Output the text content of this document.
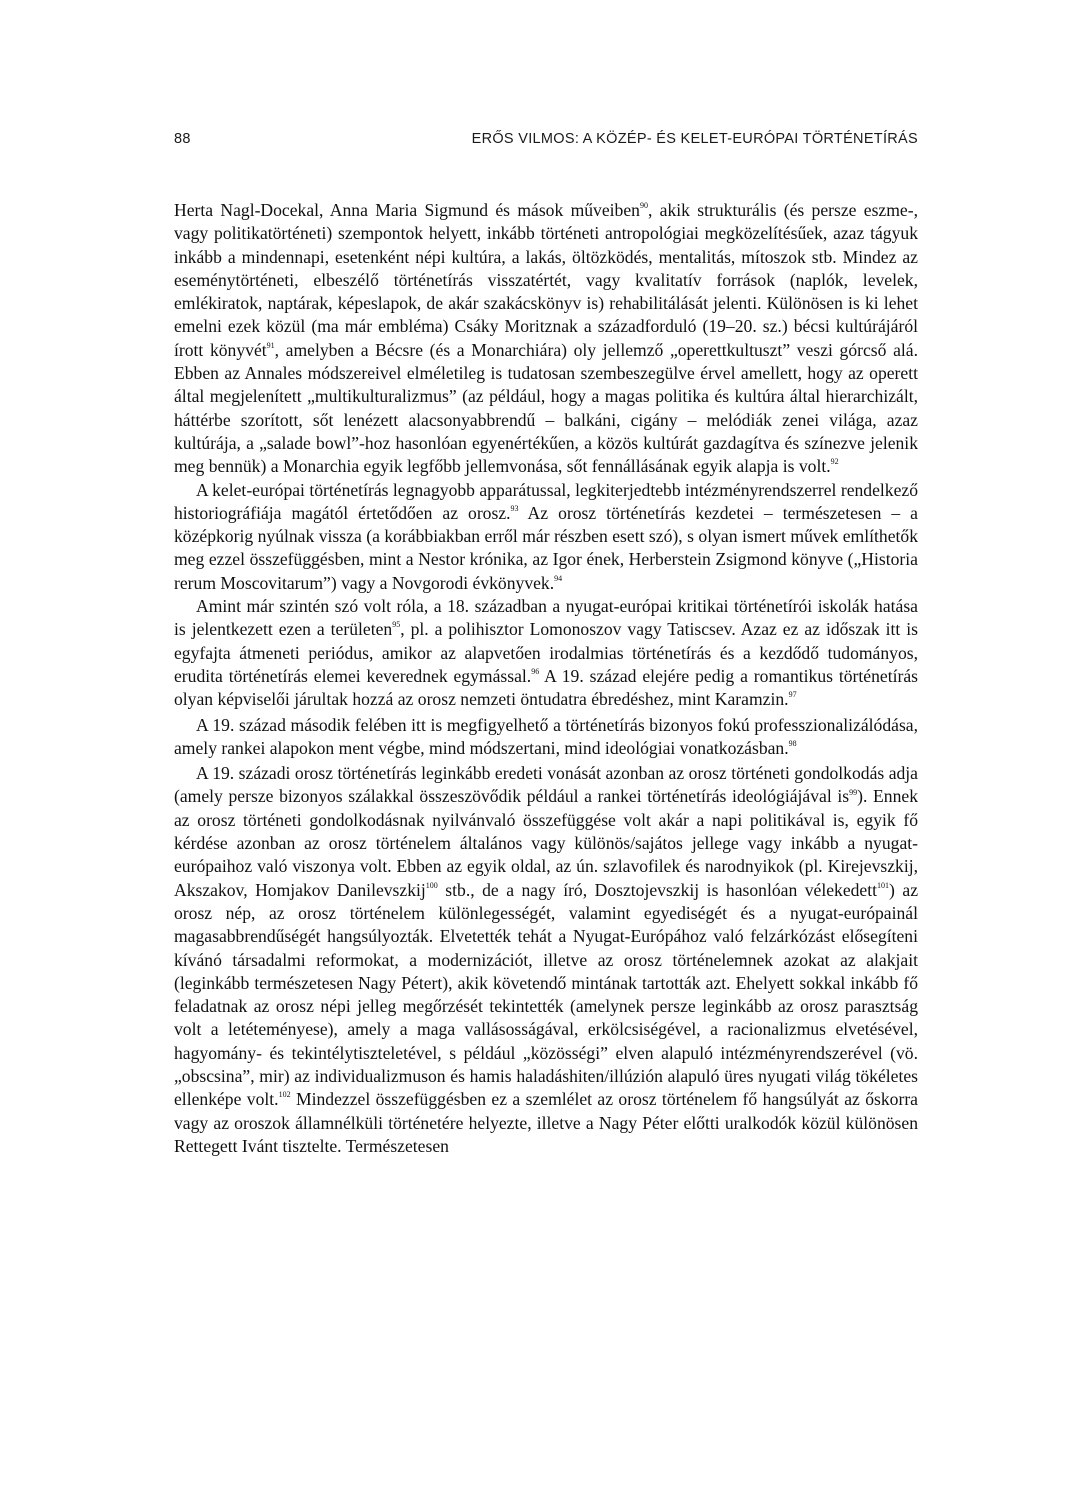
88	ERŐS VILMOS: A KÖZÉP- ÉS KELET-EURÓPAI TÖRTÉNETÍRÁS

Herta Nagl-Docekal, Anna Maria Sigmund és mások műveiben$^{90}$, akik strukturális (és persze eszme-, vagy politikatörténeti) szempontok helyett, inkább történeti antropológiai megközelítésűek, azaz tágyuk inkább a mindennapi, esetenként népi kultúra, a lakás, öltözködés, mentalitás, mítoszok stb. Mindez az eseménytörténeti, elbeszélő történetírás visszatértét, vagy kvalitatív források (naplók, levelek, emlékiratok, naptárak, képeslapok, de akár szakácskönyv is) rehabilitálását jelenti. Különösen is ki lehet emelni ezek közül (ma már embléma) Csáky Moritznak a századforduló (19–20. sz.) bécsi kultúrájáról írott könyvét$^{91}$, amelyben a Bécsre (és a Monarchiára) oly jellemző „operettkultuszt” veszi górcső alá. Ebben az Annales módszereivel elméletileg is tudatosan szembeszegülve érvel amellett, hogy az operett által megjelenített „multikulturalizmus” (az például, hogy a magas politika és kultúra által hierarchizált, háttérbe szorított, sőt lenézett alacsonyabbrendű – balkáni, cigány – melódiák zenei világa, azaz kultúrája, a „salade bowl”-hoz hasonlóan egyenértékűen, a közös kultúrát gazdagítva és színezve jelenik meg bennük) a Monarchia egyik legfőbb jellemvonása, sőt fennállásának egyik alapja is volt.$^{92}$

A kelet-európai történetírás legnagyobb apparátussal, legkiterjedtebb intézményrendszerrel rendelkező historiográfiája magától értetődően az orosz.$^{93}$ Az orosz történetírás kezdetei – természetesen – a középkorig nyúlnak vissza (a korábbiakban erről már részben esett szó), s olyan ismert művek említhetők meg ezzel összefüggésben, mint a Nestor krónika, az Igor ének, Herberstein Zsigmond könyve („Historia rerum Moscovitarum”) vagy a Novgorodi évkönyvek.$^{94}$

Amint már szintén szó volt róla, a 18. században a nyugat-európai kritikai történetírói iskolák hatása is jelentkezett ezen a területen$^{95}$, pl. a polihisztor Lomonoszov vagy Tatiscsev. Azaz ez az időszak itt is egyfajta átmeneti periódus, amikor az alapvetően irodalmias történetírás és a kezdődő tudományos, erudita történetírás elemei keverednek egymással.$^{96}$ A 19. század elejére pedig a romantikus történetírás olyan képviselői járultak hozzá az orosz nemzeti öntudatra ébredéshez, mint Karamzin.$^{97}$

A 19. század második felében itt is megfigyelhető a történetírás bizonyos fokú professzionalizálódása, amely rankei alapokon ment végbe, mind módszertani, mind ideológiai vonatkozásban.$^{98}$

A 19. századi orosz történetírás leginkább eredeti vonását azonban az orosz történeti gondolkodás adja (amely persze bizonyos szálakkal összeszövődik például a rankei történetírás ideológiájával $is^{99}$). Ennek az orosz történeti gondolkodásnak nyilvánvaló összefüggése volt akár a napi politikával is, egyik fő kérdése azonban az orosz történelem általános vagy különös/sajátos jellege vagy inkább a nyugat-európaihoz való viszonya volt. Ebben az egyik oldal, az ún. szlavofilek és narodnyikok (pl. Kirejevszkij, Akszakov, Homjakov Danilevszkij$^{100}$ stb., de a nagy író, Dosztojevszkij is hasonlóan vélekedett$^{101}$) az orosz nép, az orosz történelem különlegességét, valamint egyediségét és a nyugat-európainál magasabbrendűségét hangsúlyozták. Elvetették tehát a Nyugat-Európához való felzárkózást elősegíteni kívánó társadalmi reformokat, a modernizációt, illetve az orosz történelemnek azokat az alakjait (leginkább természetesen Nagy Pétert), akik követendő mintának tartották azt. Ehelyett sokkal inkább fő feladatnak az orosz népi jelleg megőrzését tekintették (amelynek persze leginkább az orosz parasztság volt a letéteményese), amely a maga vallásosságával, erkölcsiségével, a racionalizmus elvetésével, hagyomány- és tekintélytiszteletével, s például „közösségi” elven alapuló intézményrendszerével (vö. „obscsina”, mir) az individualizmuson és hamis haladáshiten/illúzión alapuló üres nyugati világ tökéletes ellenképe volt.$^{102}$ Mindezzel összefüggésben ez a szemlélet az orosz történelem fő hangsúlyát az őskorra vagy az oroszok államnélküli történetére helyezte, illetve a Nagy Péter előtti uralkodók közül különösen Rettegett Ivánt tisztelte. Természetesen
